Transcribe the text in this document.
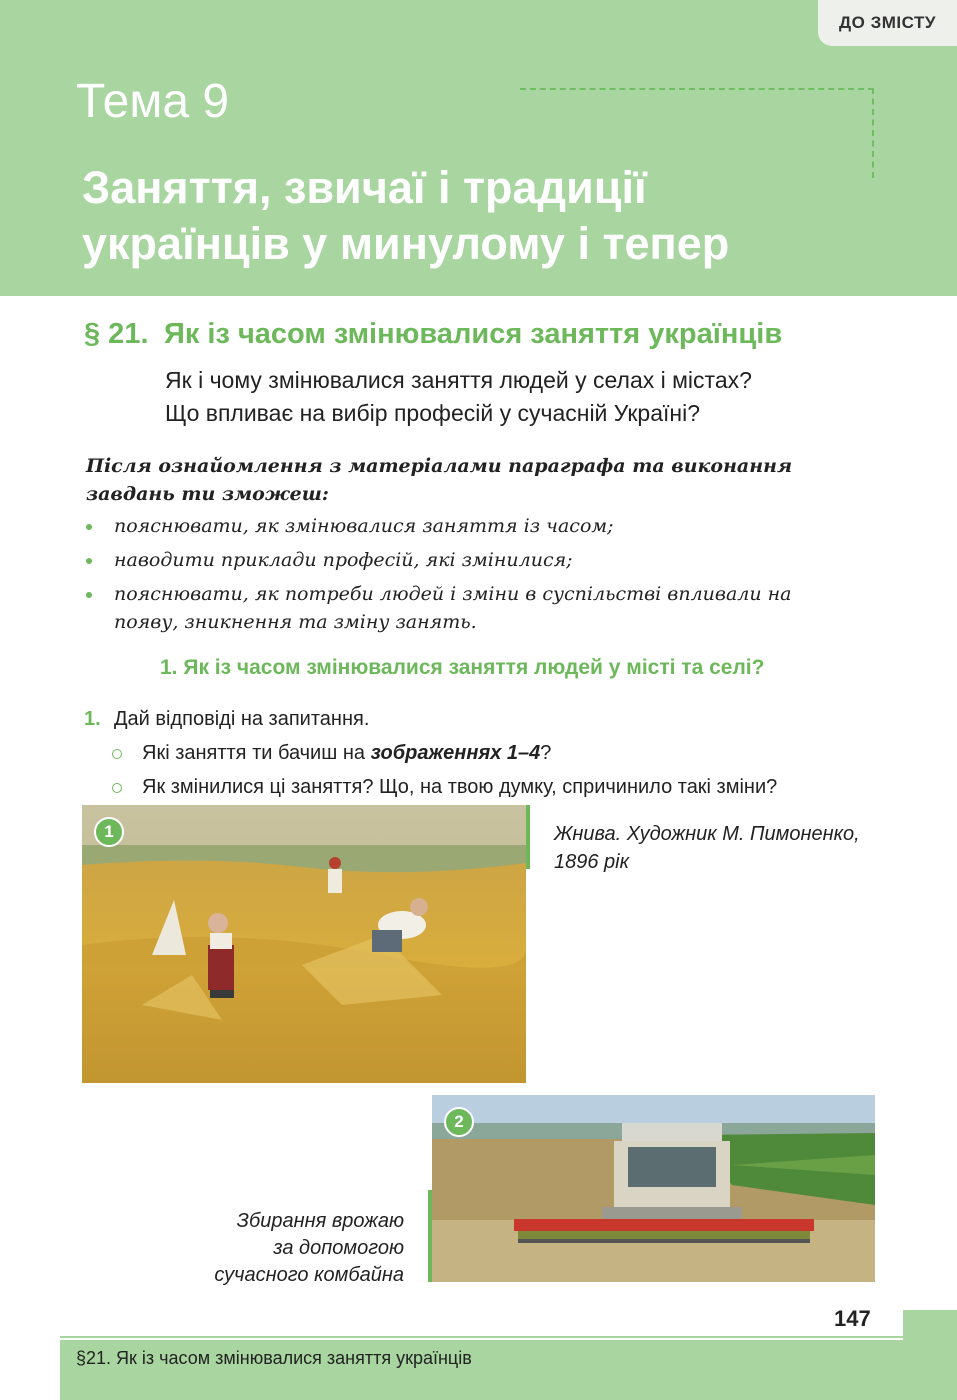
ДО ЗМІСТУ
Тема 9
Заняття, звичаї і традиції
українців у минулому і тепер
§ 21. Як із часом змінювалися заняття українців
Як і чому змінювалися заняття людей у селах і містах?
Що впливає на вибір професій у сучасній Україні?
Після ознайомлення з матеріалами параграфа та виконання
завдань ти зможеш:
пояснювати, як змінювалися заняття із часом;
наводити приклади професій, які змінилися;
пояснювати, як потреби людей і зміни в суспільстві впливали на появу, зникнення та зміну занять.
1. Як із часом змінювалися заняття людей у місті та селі?
1. Дай відповіді на запитання.
Які заняття ти бачиш на зображеннях 1–4?
Як змінилися ці заняття? Що, на твою думку, спричинило такі зміни?
1	Жнива. Художник М. Пимоненко,
1896 рік
2
Збирання врожаю
за допомогою
сучасного комбайна
147
§21. Як із часом змінювалися заняття українців
